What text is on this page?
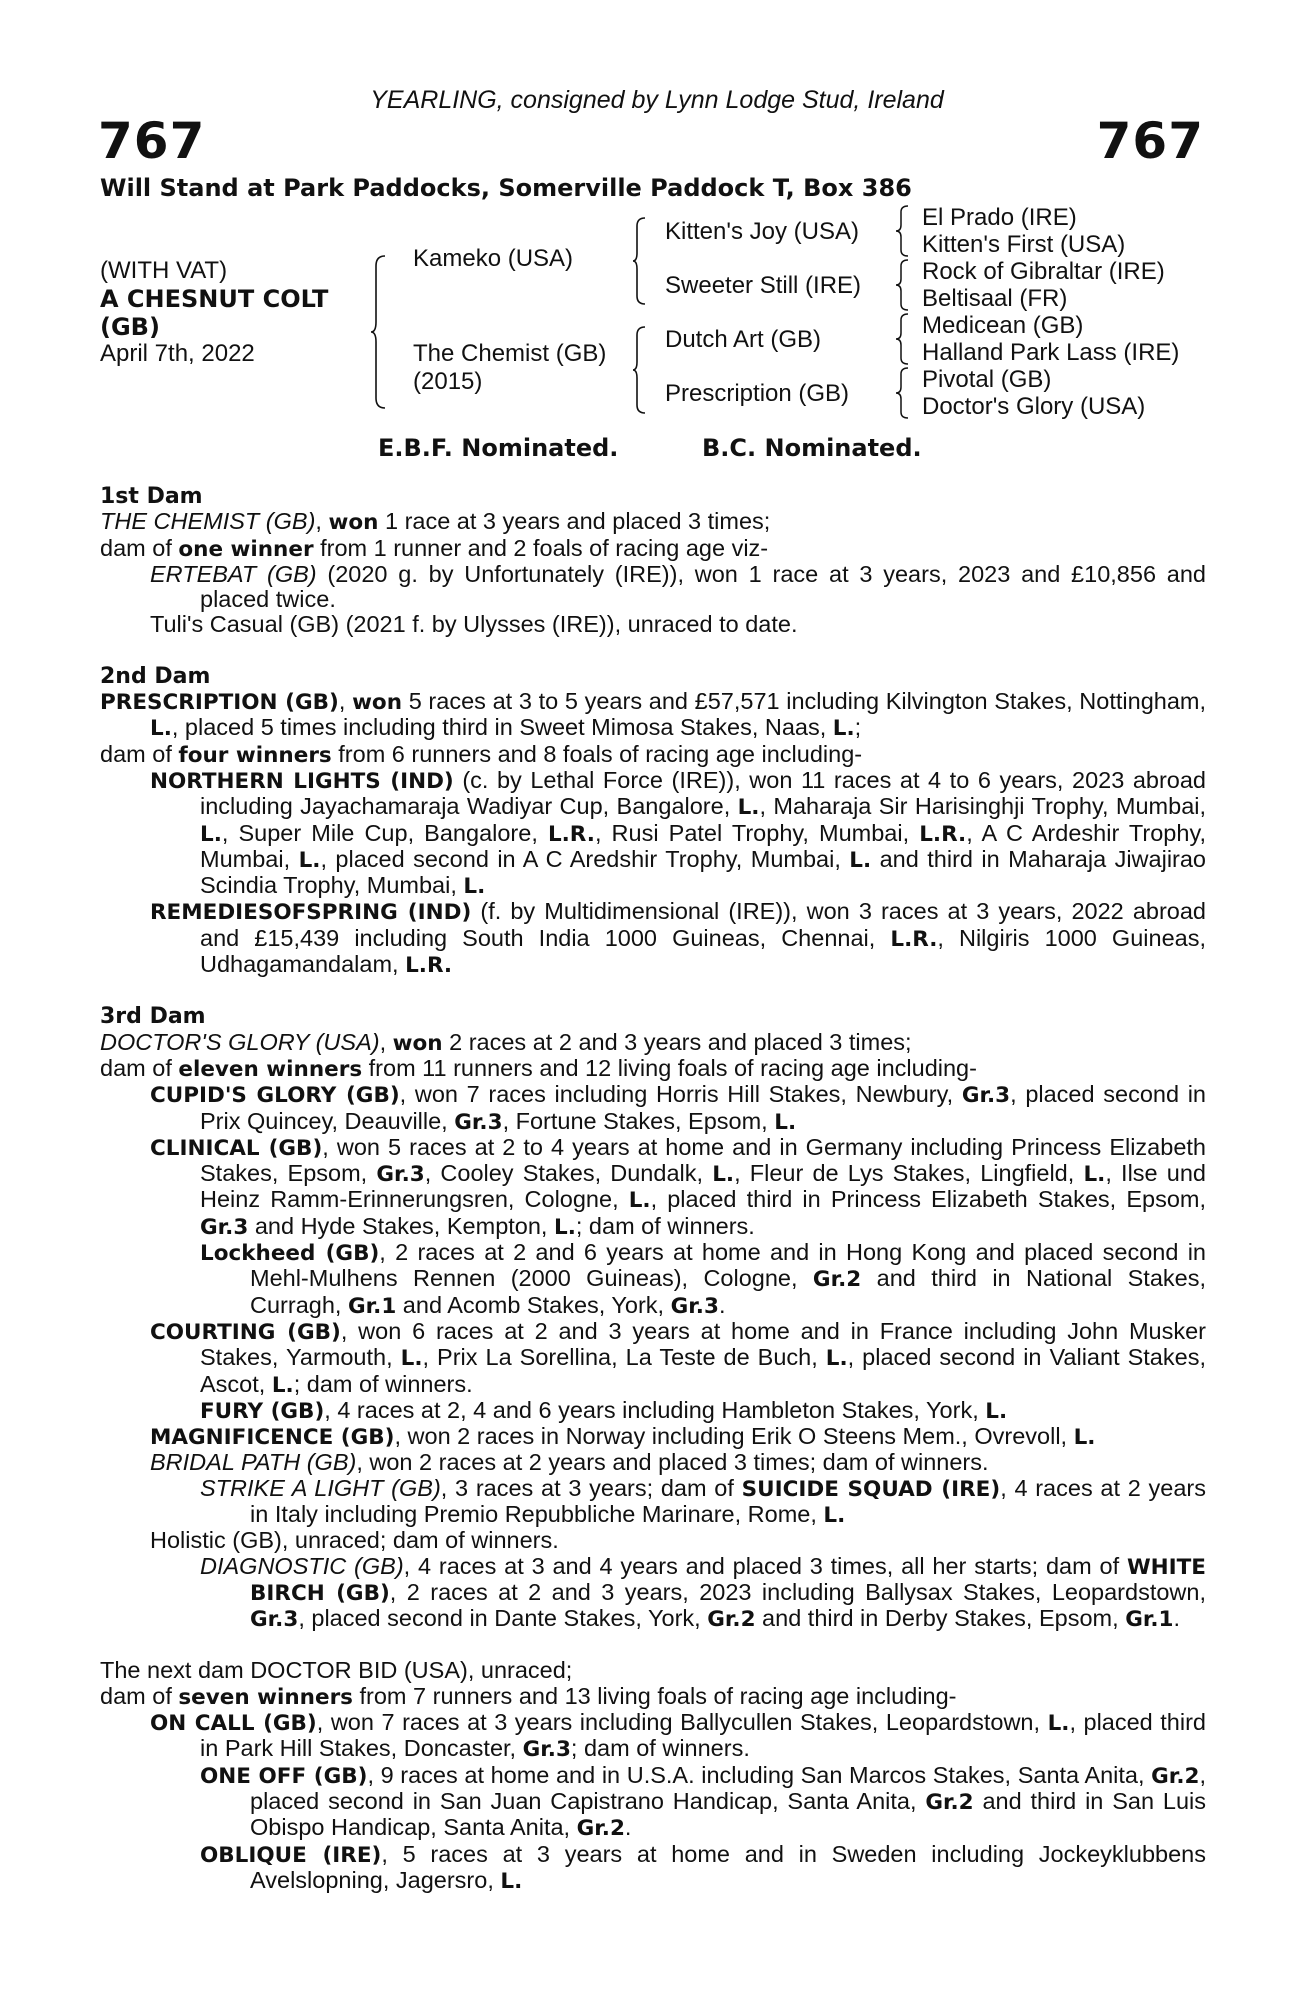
YEARLING, consigned by Lynn Lodge Stud, Ireland
767	767
Will Stand at Park Paddocks, Somerville Paddock T, Box 386
(WITH VAT)
A CHESNUT COLT
(GB)
April 7th, 2022
Kameko (USA)
The Chemist (GB)
(2015)
Kitten's Joy (USA)
Sweeter Still (IRE)
Dutch Art (GB)
Prescription (GB)
El Prado (IRE)
Kitten's First (USA)
Rock of Gibraltar (IRE)
Beltisaal (FR)
Medicean (GB)
Halland Park Lass (IRE)
Pivotal (GB)
Doctor's Glory (USA)
E.B.F. Nominated.	B.C. Nominated.
1st Dam
THE CHEMIST (GB), won 1 race at 3 years and placed 3 times;
dam of one winner from 1 runner and 2 foals of racing age viz-
ERTEBAT (GB) (2020 g. by Unfortunately (IRE)), won 1 race at 3 years, 2023 and £10,856 and placed twice.
Tuli's Casual (GB) (2021 f. by Ulysses (IRE)), unraced to date.
2nd Dam
PRESCRIPTION (GB), won 5 races at 3 to 5 years and £57,571 including Kilvington Stakes, Nottingham, L., placed 5 times including third in Sweet Mimosa Stakes, Naas, L.;
dam of four winners from 6 runners and 8 foals of racing age including-
NORTHERN LIGHTS (IND) (c. by Lethal Force (IRE)), won 11 races at 4 to 6 years, 2023 abroad including Jayachamaraja Wadiyar Cup, Bangalore, L., Maharaja Sir Harisinghji Trophy, Mumbai, L., Super Mile Cup, Bangalore, L.R., Rusi Patel Trophy, Mumbai, L.R., A C Ardeshir Trophy, Mumbai, L., placed second in A C Aredshir Trophy, Mumbai, L. and third in Maharaja Jiwajirao Scindia Trophy, Mumbai, L.
REMEDIESOFSPRING (IND) (f. by Multidimensional (IRE)), won 3 races at 3 years, 2022 abroad and £15,439 including South India 1000 Guineas, Chennai, L.R., Nilgiris 1000 Guineas, Udhagamandalam, L.R.
3rd Dam
DOCTOR'S GLORY (USA), won 2 races at 2 and 3 years and placed 3 times;
dam of eleven winners from 11 runners and 12 living foals of racing age including-
CUPID'S GLORY (GB), won 7 races including Horris Hill Stakes, Newbury, Gr.3, placed second in Prix Quincey, Deauville, Gr.3, Fortune Stakes, Epsom, L.
CLINICAL (GB), won 5 races at 2 to 4 years at home and in Germany including Princess Elizabeth Stakes, Epsom, Gr.3, Cooley Stakes, Dundalk, L., Fleur de Lys Stakes, Lingfield, L., Ilse und Heinz Ramm-Erinnerungsren, Cologne, L., placed third in Princess Elizabeth Stakes, Epsom, Gr.3 and Hyde Stakes, Kempton, L.; dam of winners.
Lockheed (GB), 2 races at 2 and 6 years at home and in Hong Kong and placed second in Mehl-Mulhens Rennen (2000 Guineas), Cologne, Gr.2 and third in National Stakes, Curragh, Gr.1 and Acomb Stakes, York, Gr.3.
COURTING (GB), won 6 races at 2 and 3 years at home and in France including John Musker Stakes, Yarmouth, L., Prix La Sorellina, La Teste de Buch, L., placed second in Valiant Stakes, Ascot, L.; dam of winners.
FURY (GB), 4 races at 2, 4 and 6 years including Hambleton Stakes, York, L.
MAGNIFICENCE (GB), won 2 races in Norway including Erik O Steens Mem., Ovrevoll, L.
BRIDAL PATH (GB), won 2 races at 2 years and placed 3 times; dam of winners.
STRIKE A LIGHT (GB), 3 races at 3 years; dam of SUICIDE SQUAD (IRE), 4 races at 2 years in Italy including Premio Repubbliche Marinare, Rome, L.
Holistic (GB), unraced; dam of winners.
DIAGNOSTIC (GB), 4 races at 3 and 4 years and placed 3 times, all her starts; dam of WHITE BIRCH (GB), 2 races at 2 and 3 years, 2023 including Ballysax Stakes, Leopardstown, Gr.3, placed second in Dante Stakes, York, Gr.2 and third in Derby Stakes, Epsom, Gr.1.
The next dam DOCTOR BID (USA), unraced;
dam of seven winners from 7 runners and 13 living foals of racing age including-
ON CALL (GB), won 7 races at 3 years including Ballycullen Stakes, Leopardstown, L., placed third in Park Hill Stakes, Doncaster, Gr.3; dam of winners.
ONE OFF (GB), 9 races at home and in U.S.A. including San Marcos Stakes, Santa Anita, Gr.2, placed second in San Juan Capistrano Handicap, Santa Anita, Gr.2 and third in San Luis Obispo Handicap, Santa Anita, Gr.2.
OBLIQUE (IRE), 5 races at 3 years at home and in Sweden including Jockeyklubbens Avelslopning, Jagersro, L.
